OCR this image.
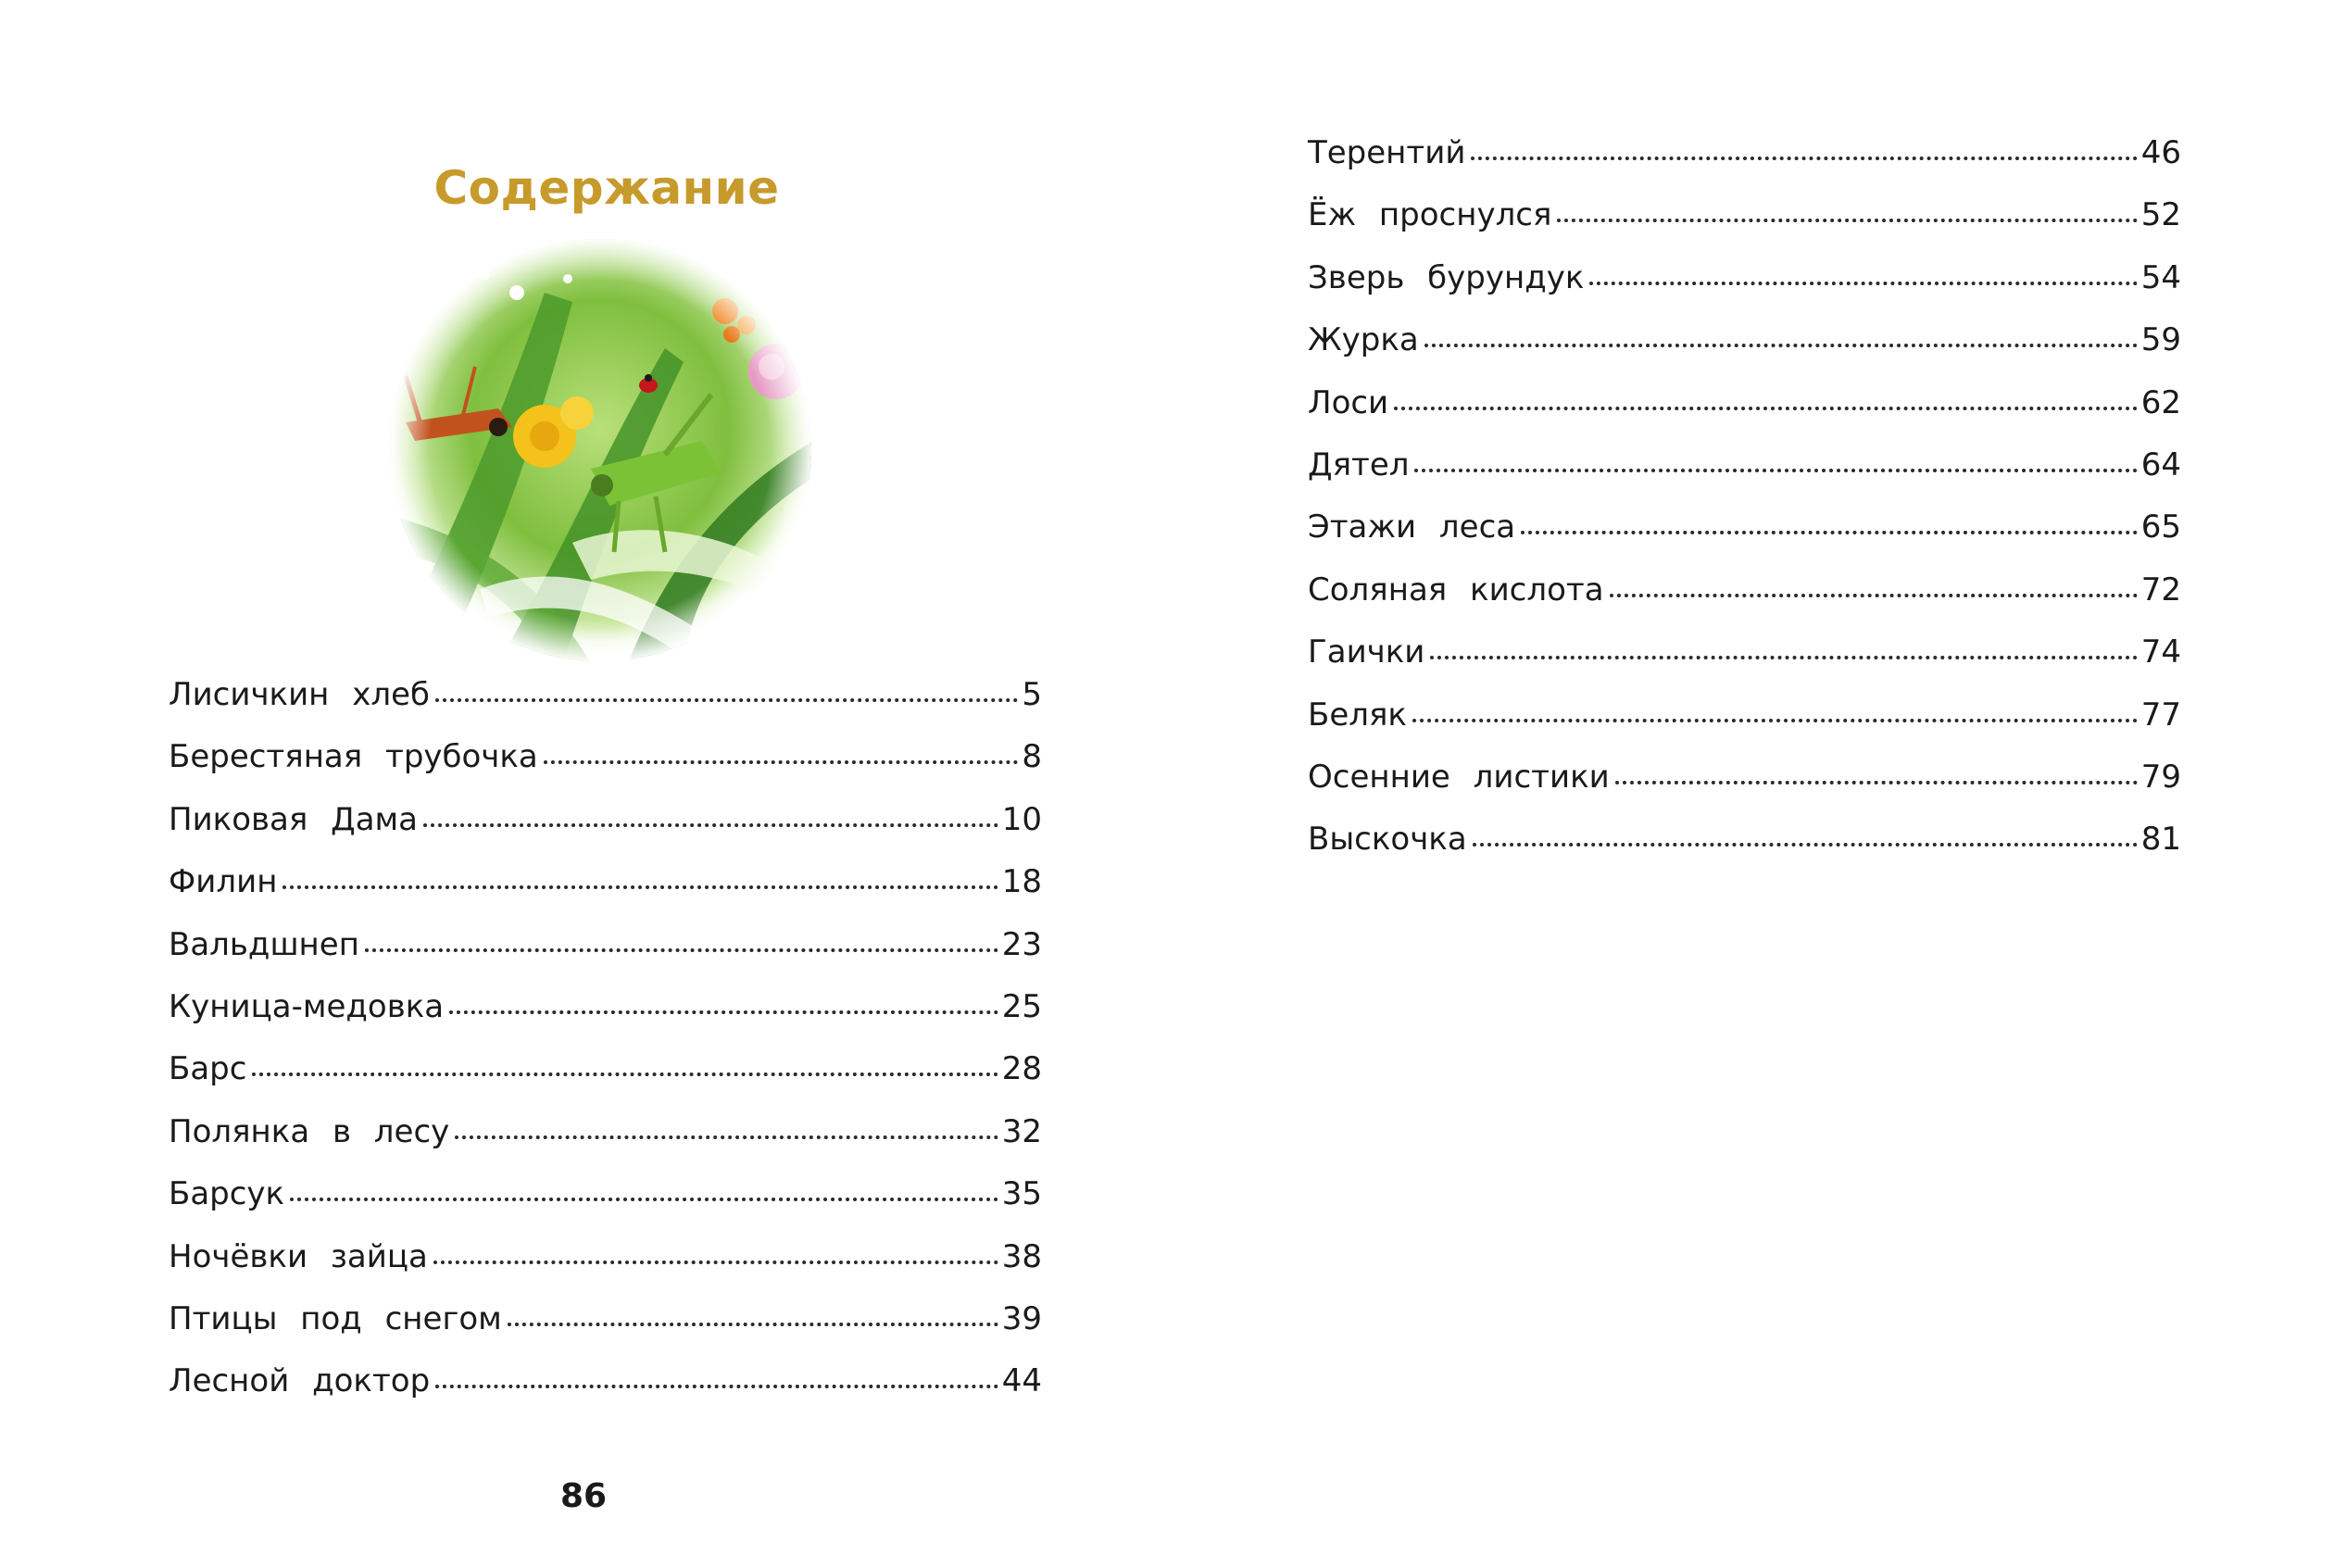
Содержание
Лисичкин хлеб	5
Берестяная трубочка	8
Пиковая Дама	10
Филин	18
Вальдшнеп	23
Куница-медовка	25
Барс	28
Полянка в лесу	32
Барсук	35
Ночёвки зайца	38
Птицы под снегом	39
Лесной доктор	44
Терентий	46
Ёж проснулся	52
Зверь бурундук	54
Журка	59
Лоси	62
Дятел	64
Этажи леса	65
Соляная кислота	72
Гаички	74
Беляк	77
Осенние листики	79
Выскочка	81
86
